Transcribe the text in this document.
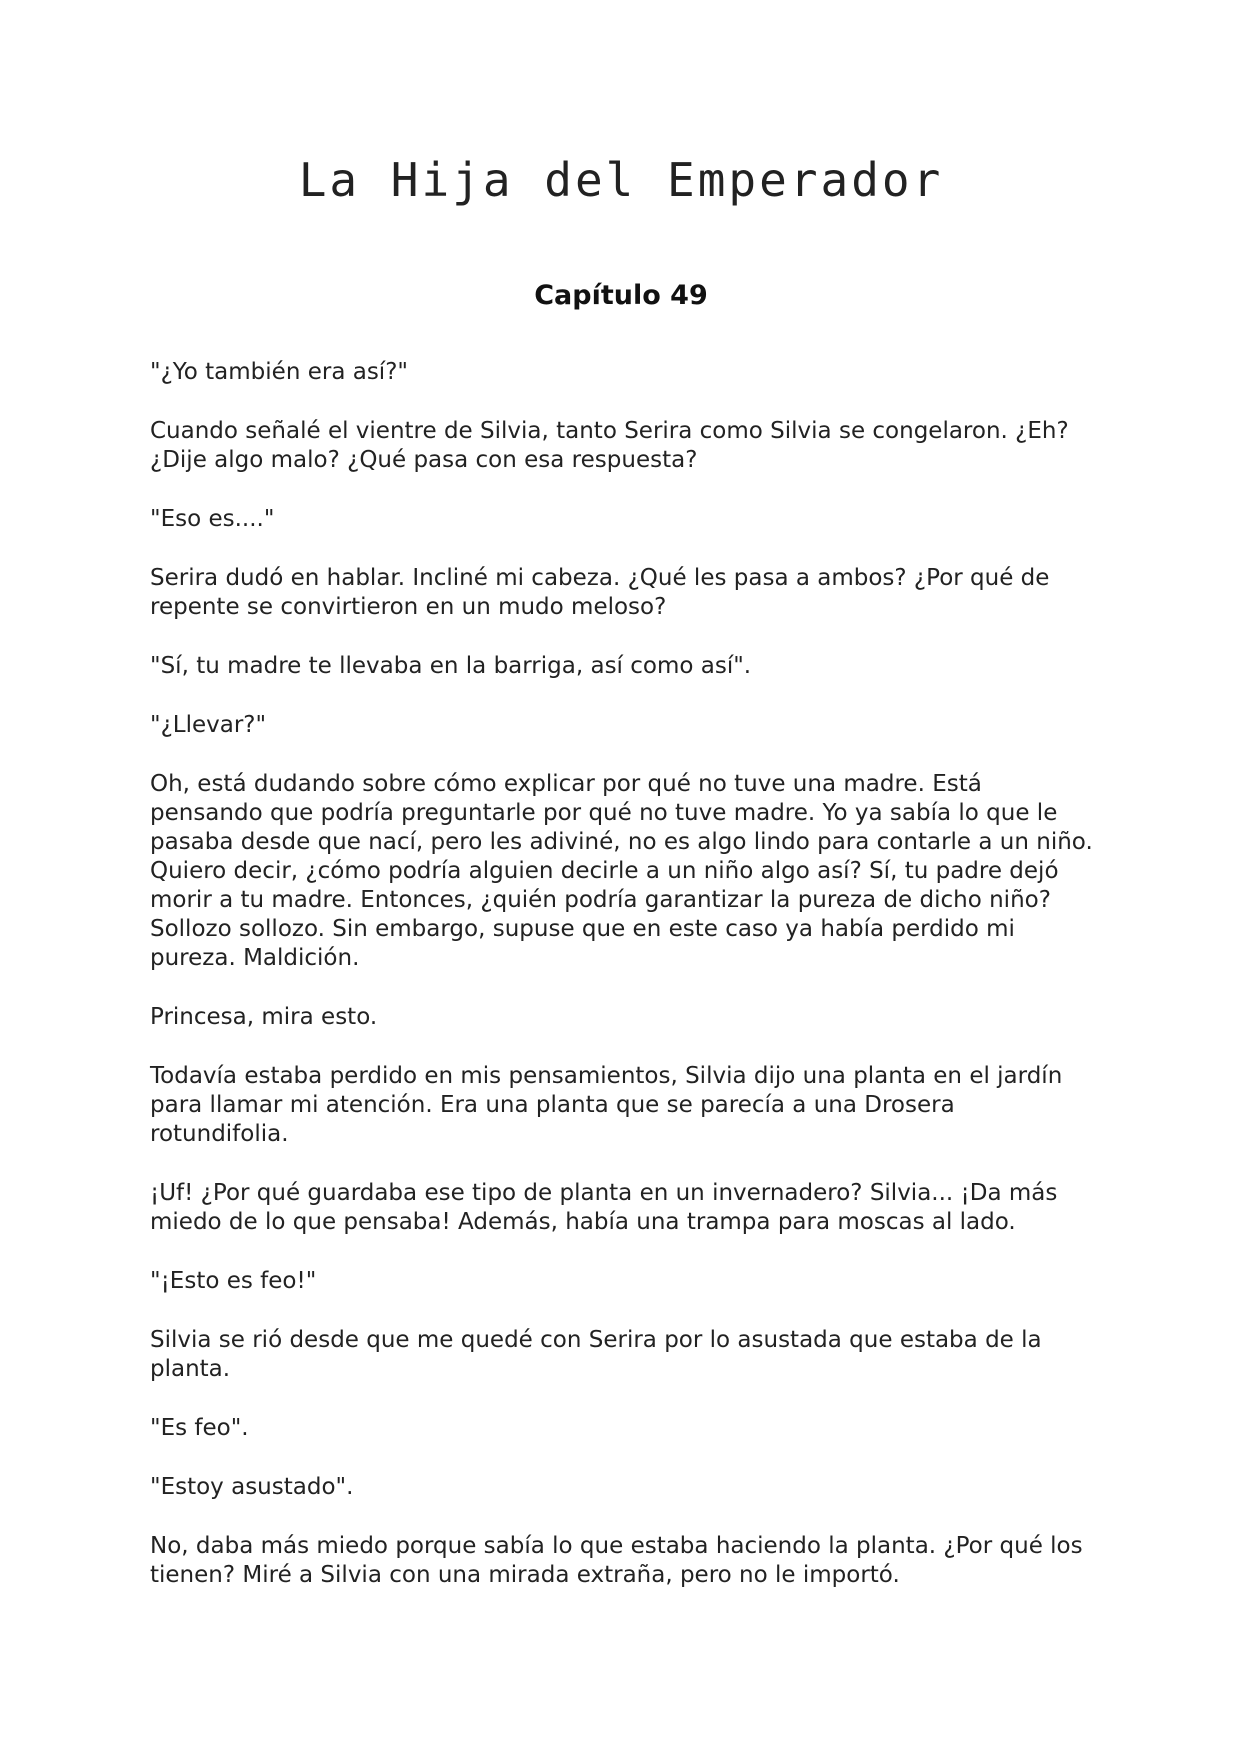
La Hija del Emperador
Capítulo 49

"¿Yo también era así?"

Cuando señalé el vientre de Silvia, tanto Serira como Silvia se congelaron. ¿Eh? ¿Dije algo malo? ¿Qué pasa con esa respuesta?

"Eso es...."

Serira dudó en hablar. Incliné mi cabeza. ¿Qué les pasa a ambos? ¿Por qué de repente se convirtieron en un mudo meloso?

"Sí, tu madre te llevaba en la barriga, así como así".

"¿Llevar?"

Oh, está dudando sobre cómo explicar por qué no tuve una madre. Está pensando que podría preguntarle por qué no tuve madre. Yo ya sabía lo que le pasaba desde que nací, pero les adiviné, no es algo lindo para contarle a un niño. Quiero decir, ¿cómo podría alguien decirle a un niño algo así? Sí, tu padre dejó morir a tu madre. Entonces, ¿quién podría garantizar la pureza de dicho niño? Sollozo sollozo. Sin embargo, supuse que en este caso ya había perdido mi pureza. Maldición.

Princesa, mira esto.

Todavía estaba perdido en mis pensamientos, Silvia dijo una planta en el jardín para llamar mi atención. Era una planta que se parecía a una Drosera rotundifolia.

¡Uf! ¿Por qué guardaba ese tipo de planta en un invernadero? Silvia... ¡Da más miedo de lo que pensaba! Además, había una trampa para moscas al lado.

"¡Esto es feo!"

Silvia se rió desde que me quedé con Serira por lo asustada que estaba de la planta.

"Es feo".

"Estoy asustado".

No, daba más miedo porque sabía lo que estaba haciendo la planta. ¿Por qué los tienen? Miré a Silvia con una mirada extraña, pero no le importó.
